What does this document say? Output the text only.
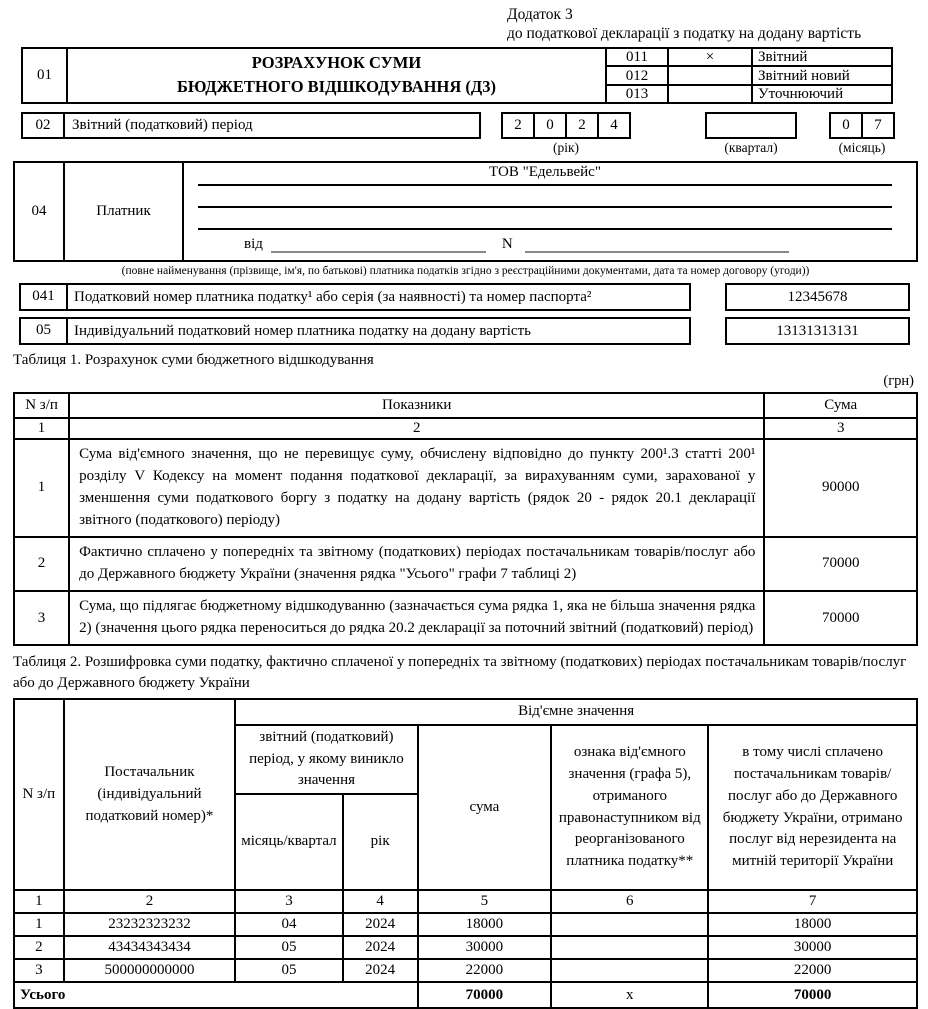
Додаток 3
до податкової декларації з податку на додану вартість
01
РОЗРАХУНОК СУМИ
БЮДЖЕТНОГО ВІДШКОДУВАННЯ (Д3)
011	×	Звітний
012	Звітний новий
013	Уточнюючий
02	Звітний (податковий) період	2	0	2	4
(рік)	(квартал)
0	7
(місяць)
04	Платник
ТОВ "Едельвейс"
від	N
(повне найменування (прізвище, ім'я, по батькові) платника податків згідно з реєстраційними документами, дата та номер договору (угоди))
041	Податковий номер платника податку¹ або серія (за наявності) та номер паспорта²	12345678
05	Індивідуальний податковий номер платника податку на додану вартість	13131313131
Таблиця 1. Розрахунок суми бюджетного відшкодування
(грн)
N з/п	Показники	Сума
1	2	3
1	Сума від'ємного значення, що не перевищує суму, обчислену відповідно до пункту 200¹.3 статті 200¹ розділу V Кодексу на момент подання податкової декларації, за вирахуванням суми, зарахованої у зменшення суми податкового боргу з податку на додану вартість (рядок 20 - рядок 20.1 декларації звітного (податкового) періоду)	90000
2	Фактично сплачено у попередніх та звітному (податкових) періодах постачальникам товарів/послуг або до Державного бюджету України (значення рядка "Усього" графи 7 таблиці 2)	70000
3	Сума, що підлягає бюджетному відшкодуванню (зазначається сума рядка 1, яка не більша значення рядка 2) (значення цього рядка переноситься до рядка 20.2 декларації за поточний звітний (податковий) період)	70000
Таблиця 2. Розшифровка суми податку, фактично сплаченої у попередніх та звітному (податкових) періодах постачальникам товарів/послуг або до Державного бюджету України
N з/п	Постачальник (індивідуальний податковий номер)*	Від'ємне значення				
		звітний (податковий) період, у якому виникло значення		сума	ознака від'ємного значення (графа 5), отриманого правонаступником від реорганізованого платника податку**	в тому числі сплачено постачальникам товарів/послуг або до Державного бюджету України, отримано послуг від нерезидента на митній території України
		місяць/квартал	рік			
1	2	3	4	5	6	7
1	23232323232	04	2024	18000		18000
2	43434343434	05	2024	30000		30000
3	500000000000	05	2024	22000		22000
Усього				70000	х	70000
